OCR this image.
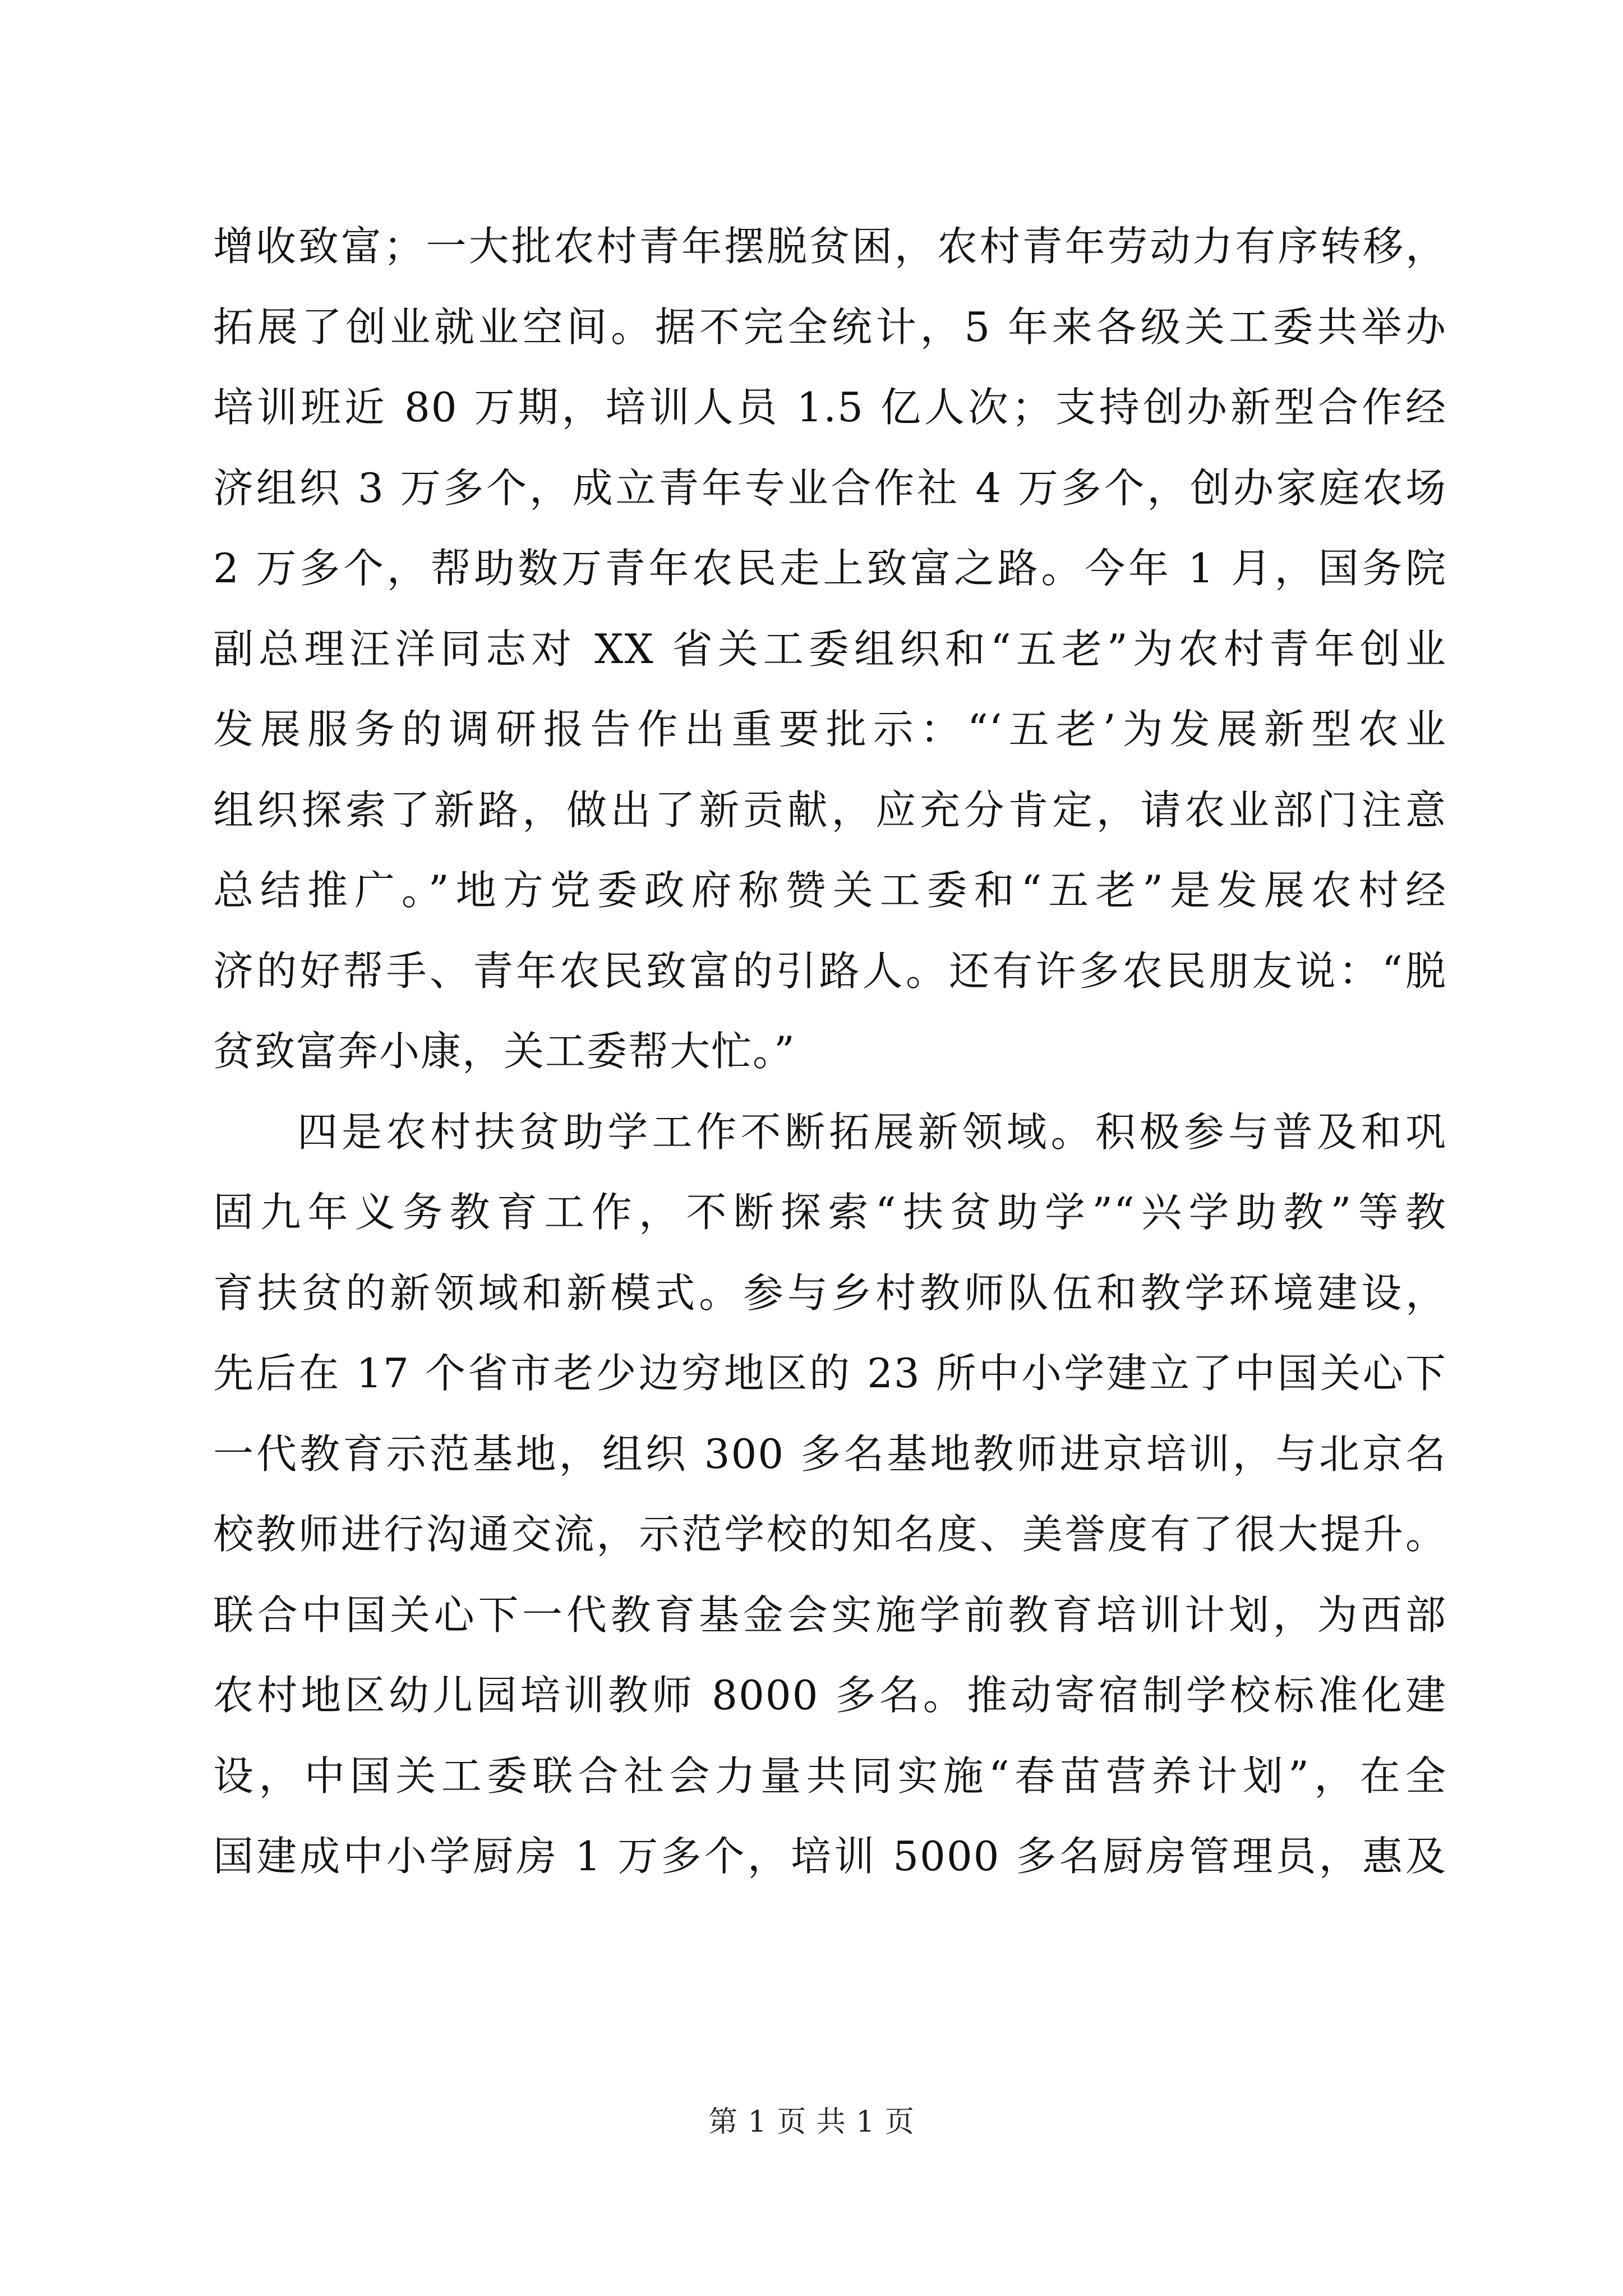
增收致富；一大批农村青年摆脱贫困，农村青年劳动力有序转移，
拓展了创业就业空间。据不完全统计，5 年来各级关工委共举办
培训班近 80 万期，培训人员 1.5 亿人次；支持创办新型合作经
济组织 3 万多个，成立青年专业合作社 4 万多个，创办家庭农场
2 万多个，帮助数万青年农民走上致富之路。今年 1 月，国务院
副总理汪洋同志对 XX 省关工委组织和“五老”为农村青年创业
发展服务的调研报告作出重要批示：“‘五老’为发展新型农业
组织探索了新路，做出了新贡献，应充分肯定，请农业部门注意
总结推广。”地方党委政府称赞关工委和“五老”是发展农村经
济的好帮手、青年农民致富的引路人。还有许多农民朋友说：“脱
贫致富奔小康，关工委帮大忙。”
四是农村扶贫助学工作不断拓展新领域。积极参与普及和巩
固九年义务教育工作，不断探索“扶贫助学”“兴学助教”等教
育扶贫的新领域和新模式。参与乡村教师队伍和教学环境建设，
先后在 17 个省市老少边穷地区的 23 所中小学建立了中国关心下
一代教育示范基地，组织 300 多名基地教师进京培训，与北京名
校教师进行沟通交流，示范学校的知名度、美誉度有了很大提升。
联合中国关心下一代教育基金会实施学前教育培训计划，为西部
农村地区幼儿园培训教师 8000 多名。推动寄宿制学校标准化建
设，中国关工委联合社会力量共同实施“春苗营养计划”，在全
国建成中小学厨房 1 万多个，培训 5000 多名厨房管理员，惠及
第 1 页 共 1 页
